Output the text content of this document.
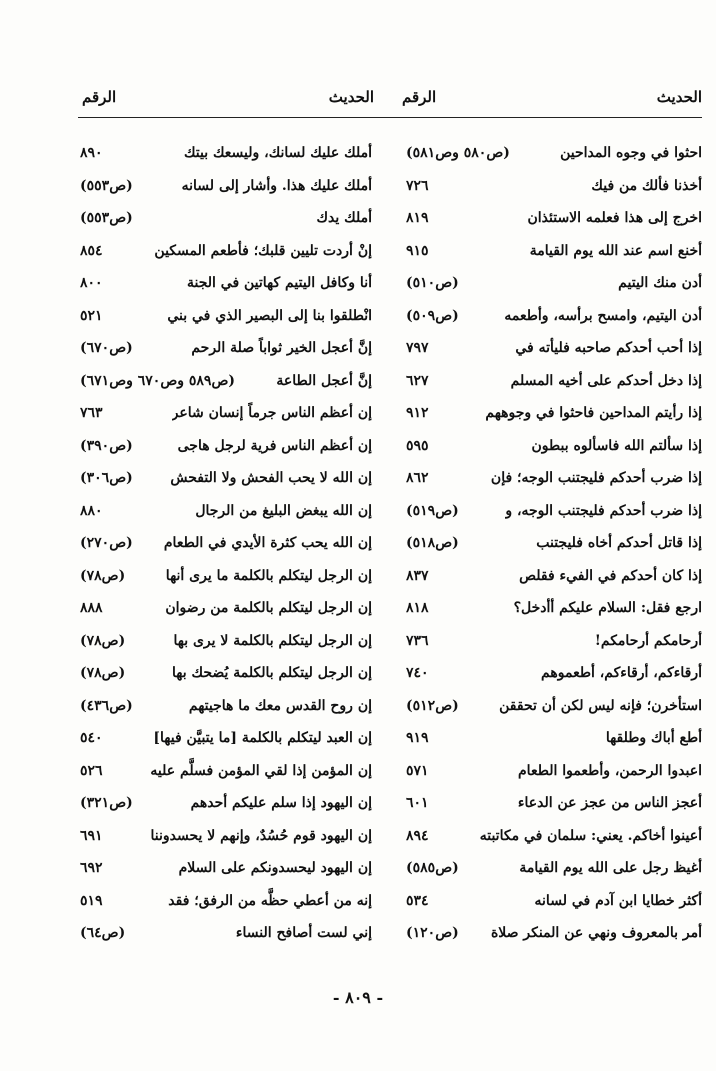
الحديث
الرقم
الحديث
الرقم
احثوا في وجوه المداحين
(ص٥٨٠ وص٥٨١)
أخذنا فألك من فيك
٧٢٦
اخرج إلى هذا فعلمه الاستئذان
٨١٩
أخنع اسم عند الله يوم القيامة
٩١٥
أدن منك اليتيم
(ص٥١٠)
أدن اليتيم، وامسح برأسه، وأطعمه
(ص٥٠٩)
إذا أحب أحدكم صاحبه فليأته في
٧٩٧
إذا دخل أحدكم على أخيه المسلم
٦٢٧
إذا رأيتم المداحين فاحثوا في وجوههم
٩١٢
إذا سألتم الله فاسألوه ببطون
٥٩٥
إذا ضرب أحدكم فليجتنب الوجه؛ فإن
٨٦٢
إذا ضرب أحدكم فليجتنب الوجه، و
(ص٥١٩)
إذا قاتل أحدكم أخاه فليجتنب
(ص٥١٨)
إذا كان أحدكم في الفيء فقلص
٨٣٧
ارجع فقل: السلام عليكم أأدخل؟
٨١٨
أرحامكم أرحامكم!
٧٣٦
أرقاءكم، أرقاءكم، أطعموهم
٧٤٠
استأخرن؛ فإنه ليس لكن أن تحققن
(ص٥١٢)
أطع أباك وطلقها
٩١٩
اعبدوا الرحمن، وأطعموا الطعام
٥٧١
أعجز الناس من عجز عن الدعاء
٦٠١
أعينوا أخاكم. يعني: سلمان في مكاتبته
٨٩٤
أغيظ رجل على الله يوم القيامة
(ص٥٨٥)
أكثر خطايا ابن آدم في لسانه
٥٣٤
أمر بالمعروف ونهي عن المنكر صلاة
(ص١٢٠)
أملك عليك لسانك، وليسعك بيتك
٨٩٠
أملك عليك هذا. وأشار إلى لسانه
(ص٥٥٣)
أملك يدك
(ص٥٥٣)
إنْ أردت تليين قلبك؛ فأطعم المسكين
٨٥٤
أنا وكافل اليتيم كهاتين في الجنة
٨٠٠
انْطلقوا بنا إلى البصير الذي في بني
٥٢١
إنَّ أعجل الخير ثواباً صلة الرحم
(ص٦٧٠)
إنَّ أعجل الطاعة
(ص٥٨٩ وص٦٧٠ وص٦٧١)
إن أعظم الناس جرماً إنسان شاعر
٧٦٣
إن أعظم الناس فرية لرجل هاجى
(ص٣٩٠)
إن الله لا يحب الفحش ولا التفحش
(ص٣٠٦)
إن الله يبغض البليغ من الرجال
٨٨٠
إن الله يحب كثرة الأيدي في الطعام
(ص٢٧٠)
إن الرجل ليتكلم بالكلمة ما يرى أنها
(ص٧٨)
إن الرجل ليتكلم بالكلمة من رضوان
٨٨٨
إن الرجل ليتكلم بالكلمة لا يرى بها
(ص٧٨)
إن الرجل ليتكلم بالكلمة يُضحك بها
(ص٧٨)
إن روح القدس معك ما هاجيتهم
(ص٤٣٦)
إن العبد ليتكلم بالكلمة [ما يتبيَّن فيها]
٥٤٠
إن المؤمن إذا لقي المؤمن فسلَّم عليه
٥٢٦
إن اليهود إذا سلم عليكم أحدهم
(ص٣٢١)
إن اليهود قوم حُسُدٌ، وإنهم لا يحسدوننا
٦٩١
إن اليهود ليحسدونكم على السلام
٦٩٢
إنه من أعطي حظَّه من الرفق؛ فقد
٥١٩
إني لست أصافح النساء
(ص٦٤)
- ٨٠٩ -
